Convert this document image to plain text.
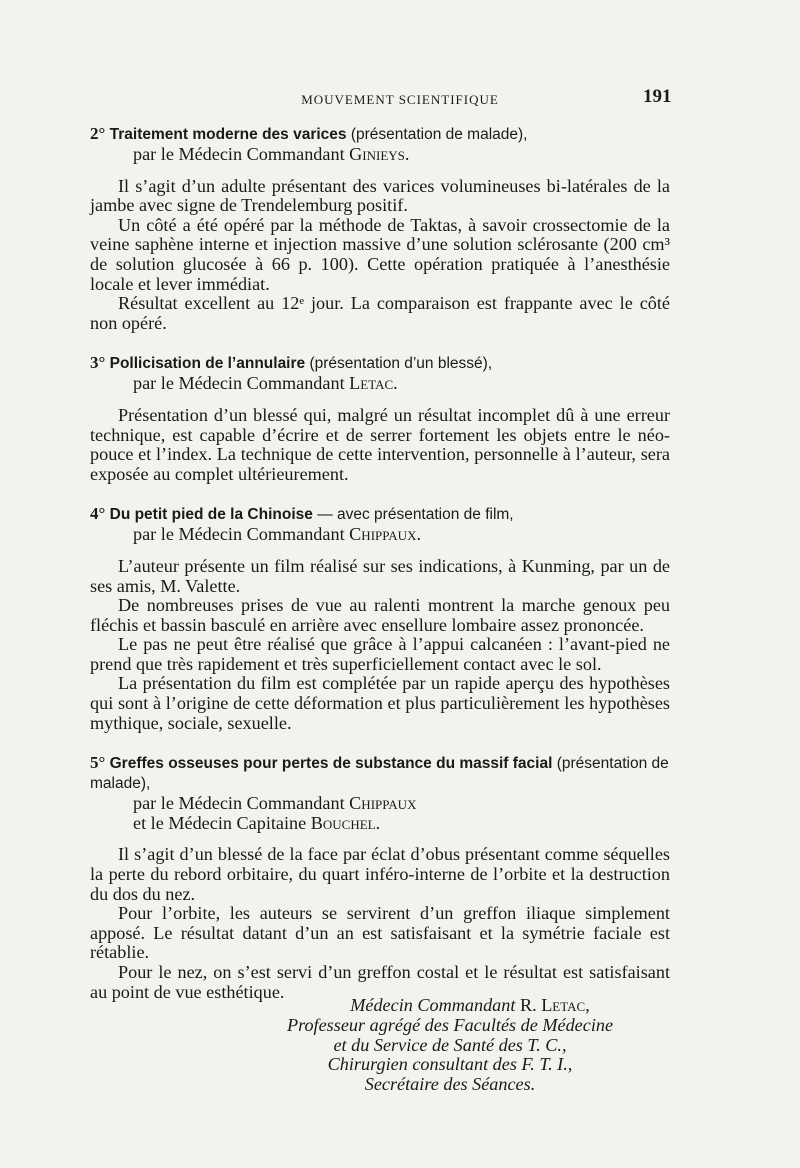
MOUVEMENT SCIENTIFIQUE	191
2° Traitement moderne des varices (présentation de malade),
par le Médecin Commandant Ginieys.

Il s’agit d’un adulte présentant des varices volumineuses bi-latérales de la jambe avec signe de Trendelemburg positif.

Un côté a été opéré par la méthode de Taktas, à savoir crossectomie de la veine saphène interne et injection massive d’une solution sclérosante (200 cm³ de solution glucosée à 66 p. 100). Cette opération pratiquée à l’anesthésie locale et lever immédiat.

Résultat excellent au 12ᵉ jour. La comparaison est frappante avec le côté non opéré.

3° Pollicisation de l’annulaire (présentation d’un blessé),
par le Médecin Commandant Letac.

Présentation d’un blessé qui, malgré un résultat incomplet dû à une erreur technique, est capable d’écrire et de serrer fortement les objets entre le néo-pouce et l’index. La technique de cette intervention, personnelle à l’auteur, sera exposée au complet ultérieurement.

4° Du petit pied de la Chinoise — avec présentation de film,
par le Médecin Commandant Chippaux.

L’auteur présente un film réalisé sur ses indications, à Kunming, par un de ses amis, M. Valette.

De nombreuses prises de vue au ralenti montrent la marche genoux peu fléchis et bassin basculé en arrière avec ensellure lombaire assez prononcée.

Le pas ne peut être réalisé que grâce à l’appui calcanéen : l’avant-pied ne prend que très rapidement et très superficiellement contact avec le sol.

La présentation du film est complétée par un rapide aperçu des hypothèses qui sont à l’origine de cette déformation et plus particulièrement les hypothèses mythique, sociale, sexuelle.

5° Greffes osseuses pour pertes de substance du massif facial (présentation de malade),
par le Médecin Commandant Chippaux
et le Médecin Capitaine Bouchel.

Il s’agit d’un blessé de la face par éclat d’obus présentant comme séquelles la perte du rebord orbitaire, du quart inféro-interne de l’orbite et la destruction du dos du nez.

Pour l’orbite, les auteurs se servirent d’un greffon iliaque simplement apposé. Le résultat datant d’un an est satisfaisant et la symétrie faciale est rétablie.

Pour le nez, on s’est servi d’un greffon costal et le résultat est satisfaisant au point de vue esthétique.

Médecin Commandant R. Letac,
Professeur agrégé des Facultés de Médecine
et du Service de Santé des T. C.,
Chirurgien consultant des F. T. I.,
Secrétaire des Séances.
